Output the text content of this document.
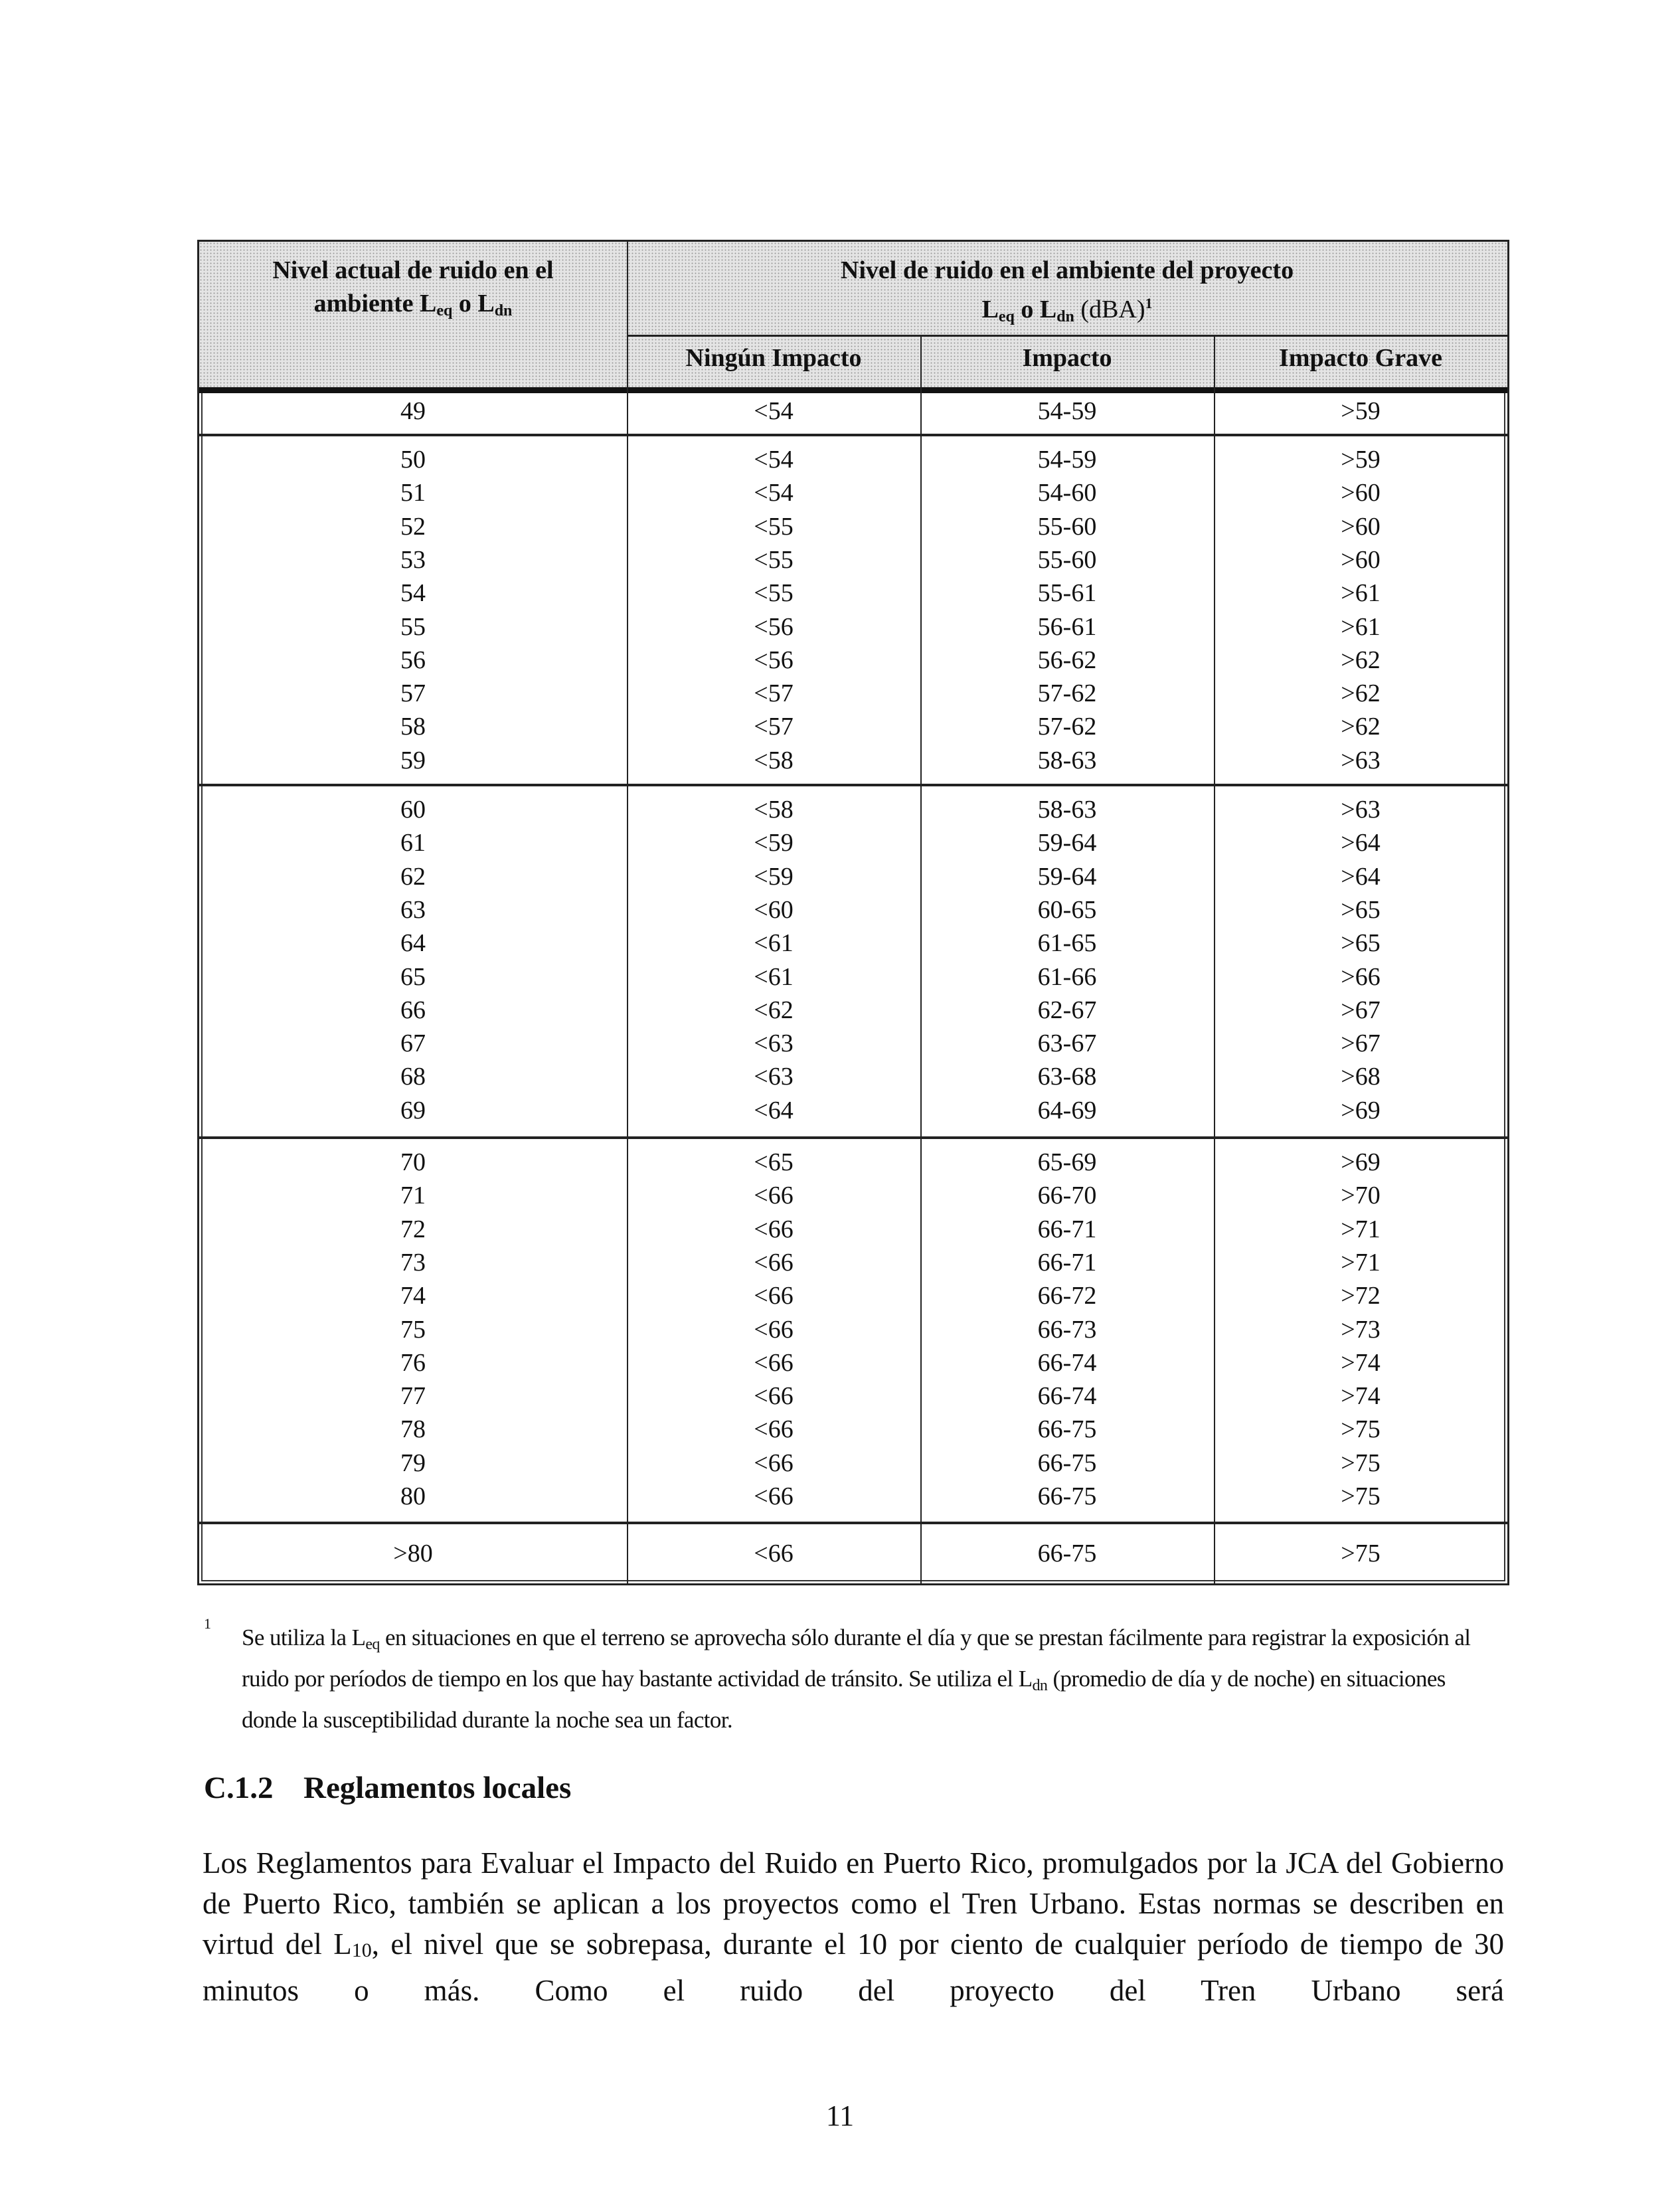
Nivel actual de ruido en el
ambiente $L_{eq}$ o $L_{dn}$
Nivel de ruido en el ambiente del proyecto
$L_{eq}$ o $L_{dn}$ (dBA)$^1$
Ningún Impacto	Impacto	Impacto Grave
49	<54	54-59	>59
50	<54	54-59	>59
51	<54	54-60	>60
52	<55	55-60	>60
53	<55	55-60	>60
54	<55	55-61	>61
55	<56	56-61	>61
56	<56	56-62	>62
57	<57	57-62	>62
58	<57	57-62	>62
59	<58	58-63	>63
60	<58	58-63	>63
61	<59	59-64	>64
62	<59	59-64	>64
63	<60	60-65	>65
64	<61	61-65	>65
65	<61	61-66	>66
66	<62	62-67	>67
67	<63	63-67	>67
68	<63	63-68	>68
69	<64	64-69	>69
70	<65	65-69	>69
71	<66	66-70	>70
72	<66	66-71	>71
73	<66	66-71	>71
74	<66	66-72	>72
75	<66	66-73	>73
76	<66	66-74	>74
77	<66	66-74	>74
78	<66	66-75	>75
79	<66	66-75	>75
80	<66	66-75	>75
>80	<66	66-75	>75
1
Se utiliza la $L_{eq}$ en situaciones en que el terreno se aprovecha sólo durante el día y que se prestan fácilmente para registrar la exposición al ruido por períodos de tiempo en los que hay bastante actividad de tránsito. Se utiliza el $L_{dn}$ (promedio de día y de noche) en situaciones donde la susceptibilidad durante la noche sea un factor.
C.1.2 Reglamentos locales
Los Reglamentos para Evaluar el Impacto del Ruido en Puerto Rico, promulgados por la JCA del Gobierno de Puerto Rico, también se aplican a los proyectos como el Tren Urbano. Estas normas se describen en virtud del $L_{10}$, el nivel que se sobrepasa, durante el 10 por ciento de cualquier período de tiempo de 30 minutos o más. Como el ruido del proyecto del Tren Urbano será
11
